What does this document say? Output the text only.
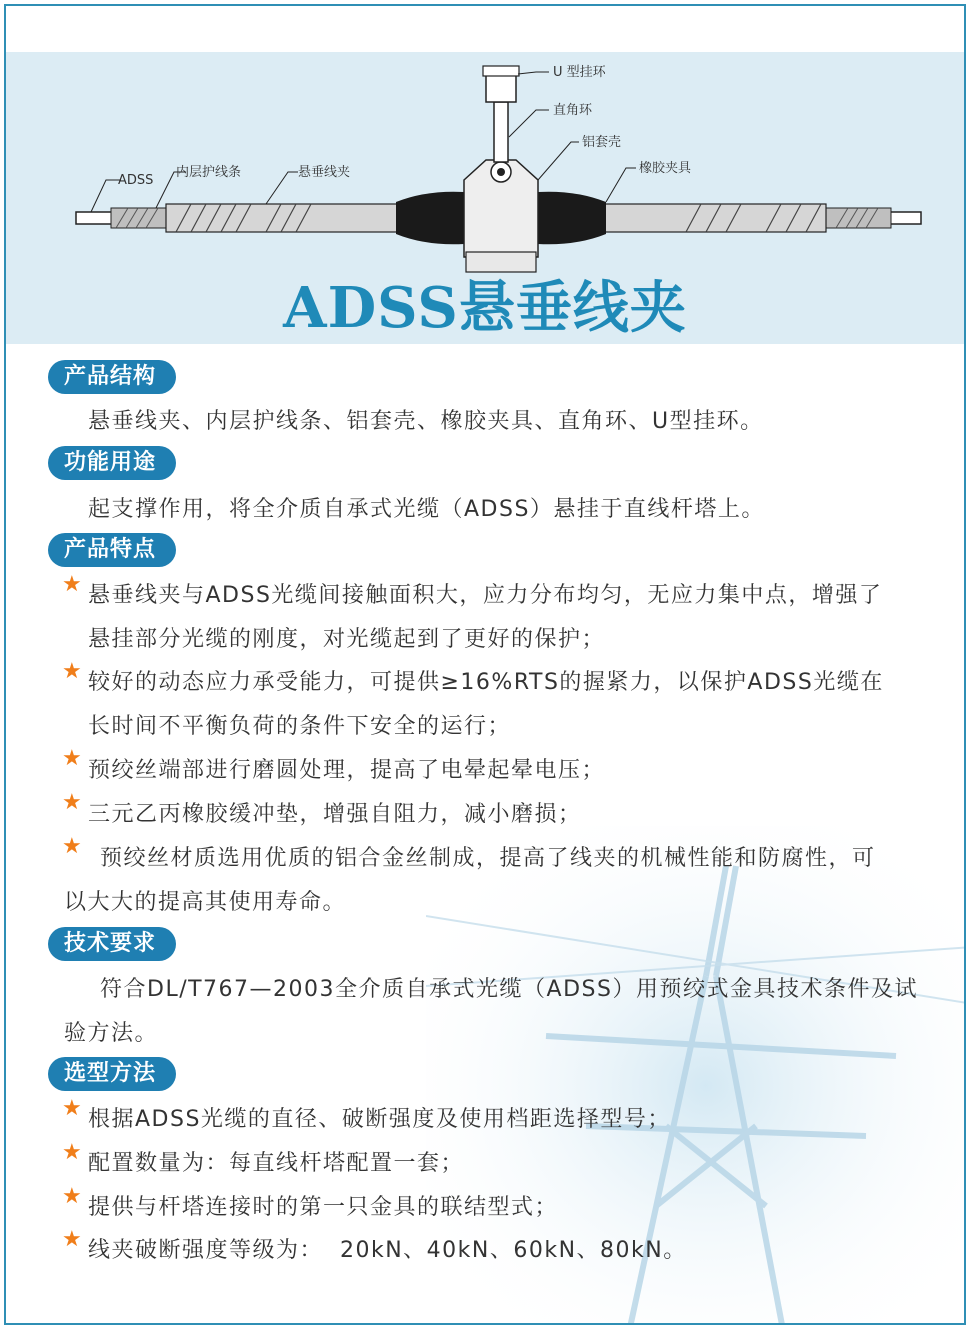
U 型挂环
直角环
铝套壳
橡胶夹具
ADSS
内层护线条	悬垂线夹
ADSS悬垂线夹
产品结构
悬垂线夹、内层护线条、铝套壳、橡胶夹具、直角环、U型挂环。
功能用途
起支撑作用，将全介质自承式光缆（ADSS）悬挂于直线杆塔上。
产品特点
★ 悬垂线夹与ADSS光缆间接触面积大，应力分布均匀，无应力集中点，增强了
悬挂部分光缆的刚度，对光缆起到了更好的保护；
★ 较好的动态应力承受能力，可提供≥16%RTS的握紧力，以保护ADSS光缆在
长时间不平衡负荷的条件下安全的运行；
★ 预绞丝端部进行磨圆处理，提高了电晕起晕电压；
★ 三元乙丙橡胶缓冲垫，增强自阻力，减小磨损；
★ 预绞丝材质选用优质的铝合金丝制成，提高了线夹的机械性能和防腐性，可
以大大的提高其使用寿命。
技术要求
符合DL/T767—2003全介质自承式光缆（ADSS）用预绞式金具技术条件及试
验方法。
选型方法
★ 根据ADSS光缆的直径、破断强度及使用档距选择型号；
★ 配置数量为：每直线杆塔配置一套；
★ 提供与杆塔连接时的第一只金具的联结型式；
★ 线夹破断强度等级为：  20kN、40kN、60kN、80kN。
